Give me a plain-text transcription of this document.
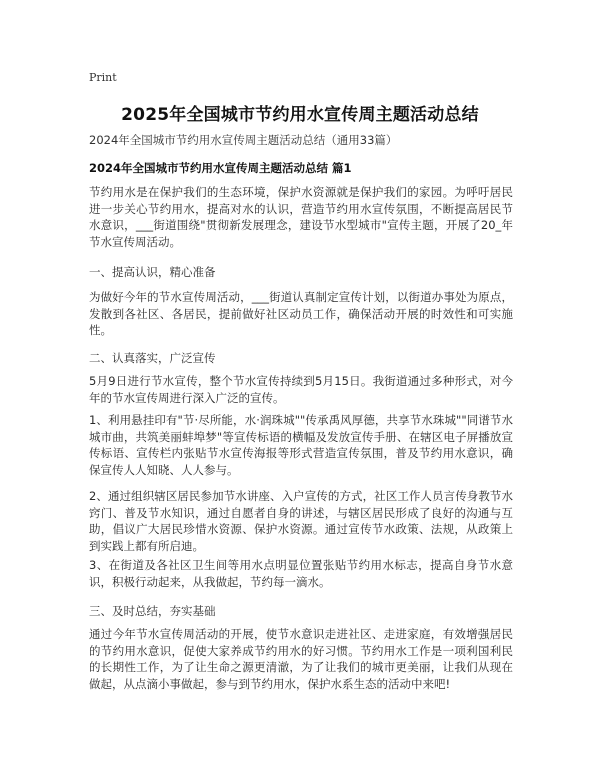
Print
2025年全国城市节约用水宣传周主题活动总结
2024年全国城市节约用水宣传周主题活动总结（通用33篇）
2024年全国城市节约用水宣传周主题活动总结 篇1
节约用水是在保护我们的生态环境，保护水资源就是保护我们的家园。为呼吁居民进一步关心节约用水，提高对水的认识，营造节约用水宣传氛围，不断提高居民节水意识，___街道围绕"贯彻新发展理念，建设节水型城市"宣传主题，开展了20_年节水宣传周活动。
一、提高认识，精心准备
为做好今年的节水宣传周活动，___街道认真制定宣传计划，以街道办事处为原点，发散到各社区、各居民，提前做好社区动员工作，确保活动开展的时效性和可实施性。
二、认真落实，广泛宣传
5月9日进行节水宣传，整个节水宣传持续到5月15日。我街道通过多种形式，对今年的节水宣传周进行深入广泛的宣传。
1、利用悬挂印有"节·尽所能，水·润珠城""传承禹风厚德，共享节水珠城""同谱节水城市曲，共筑美丽蚌埠梦"等宣传标语的横幅及发放宣传手册、在辖区电子屏播放宣传标语、宣传栏内张贴节水宣传海报等形式营造宣传氛围，普及节约用水意识，确保宣传人人知晓、人人参与。
2、通过组织辖区居民参加节水讲座、入户宣传的方式，社区工作人员言传身教节水窍门、普及节水知识，通过自愿者自身的讲述，与辖区居民形成了良好的沟通与互助，倡议广大居民珍惜水资源、保护水资源。通过宣传节水政策、法规，从政策上到实践上都有所启迪。
3、在街道及各社区卫生间等用水点明显位置张贴节约用水标志，提高自身节水意识，积极行动起来，从我做起，节约每一滴水。
三、及时总结，夯实基础
通过今年节水宣传周活动的开展，使节水意识走进社区、走进家庭，有效增强居民的节约用水意识，促使大家养成节约用水的好习惯。节约用水工作是一项利国利民的长期性工作，为了让生命之源更清澈，为了让我们的城市更美丽，让我们从现在做起，从点滴小事做起，参与到节约用水，保护水系生态的活动中来吧!
